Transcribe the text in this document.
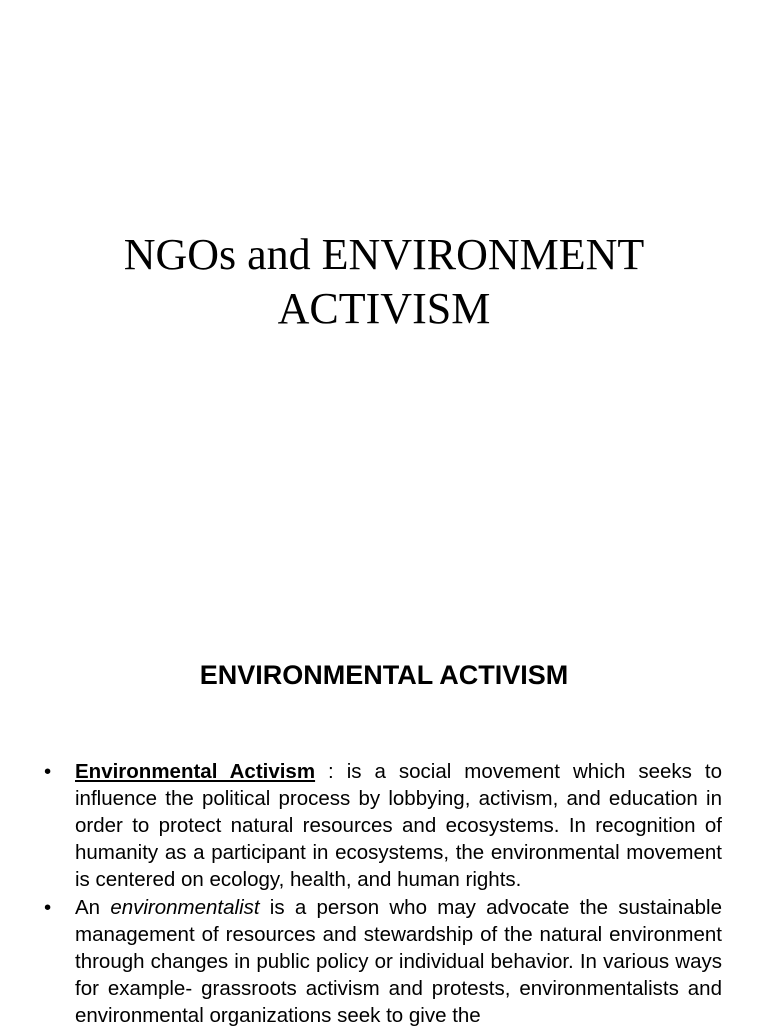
NGOs and ENVIRONMENT
ACTIVISM
ENVIRONMENTAL ACTIVISM
•	Environmental Activism : is a social movement which seeks to influence the political process by lobbying, activism, and education in order to protect natural resources and ecosystems. In recognition of humanity as a participant in ecosystems, the environmental movement is centered on ecology, health, and human rights.
•	An environmentalist is a person who may advocate the sustainable management of resources and stewardship of the natural environment through changes in public policy or individual behavior. In various ways for example- grassroots activism and protests, environmentalists and environmental organizations seek to give the
